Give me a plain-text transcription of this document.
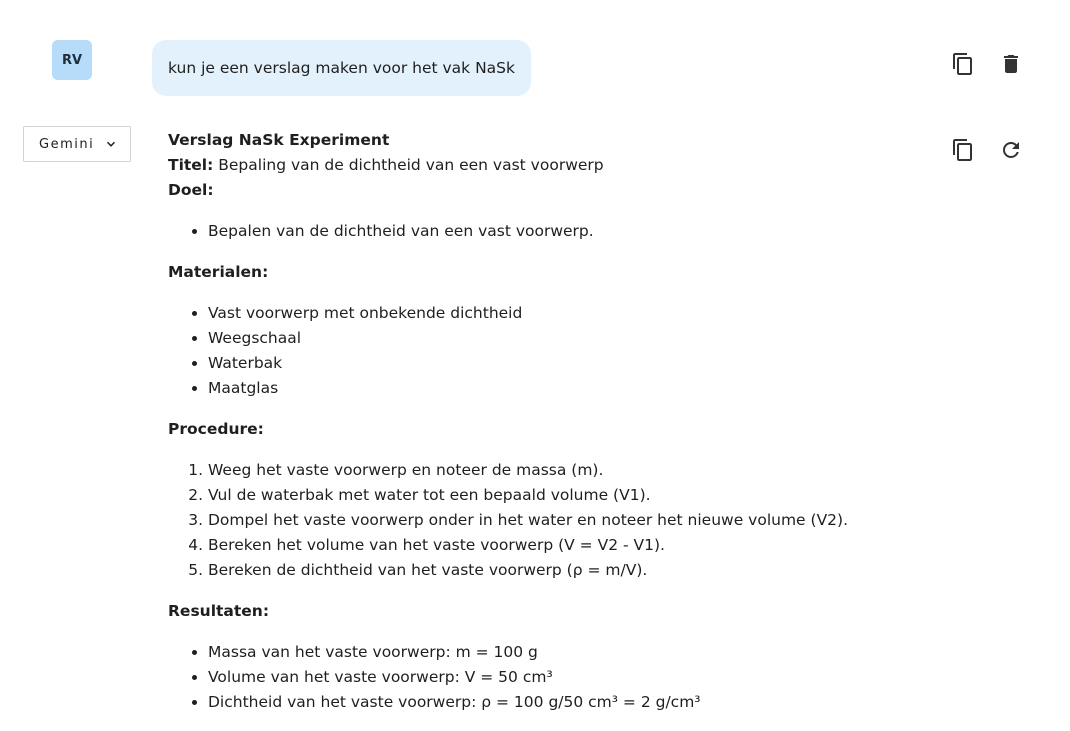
RV	kun je een verslag maken voor het vak NaSk
Gemini	Verslag NaSk Experiment

Titel: Bepaling van de dichtheid van een vast voorwerp

Doel:

• Bepalen van de dichtheid van een vast voorwerp.

Materialen:

• Vast voorwerp met onbekende dichtheid
• Weegschaal
• Waterbak
• Maatglas

Procedure:

1. Weeg het vaste voorwerp en noteer de massa (m).
2. Vul de waterbak met water tot een bepaald volume (V1).
3. Dompel het vaste voorwerp onder in het water en noteer het nieuwe volume (V2).
4. Bereken het volume van het vaste voorwerp (V = V2 - V1).
5. Bereken de dichtheid van het vaste voorwerp (ρ = m/V).

Resultaten:

• Massa van het vaste voorwerp: m = 100 g
• Volume van het vaste voorwerp: V = 50 cm³
• Dichtheid van het vaste voorwerp: ρ = 100 g/50 cm³ = 2 g/cm³
